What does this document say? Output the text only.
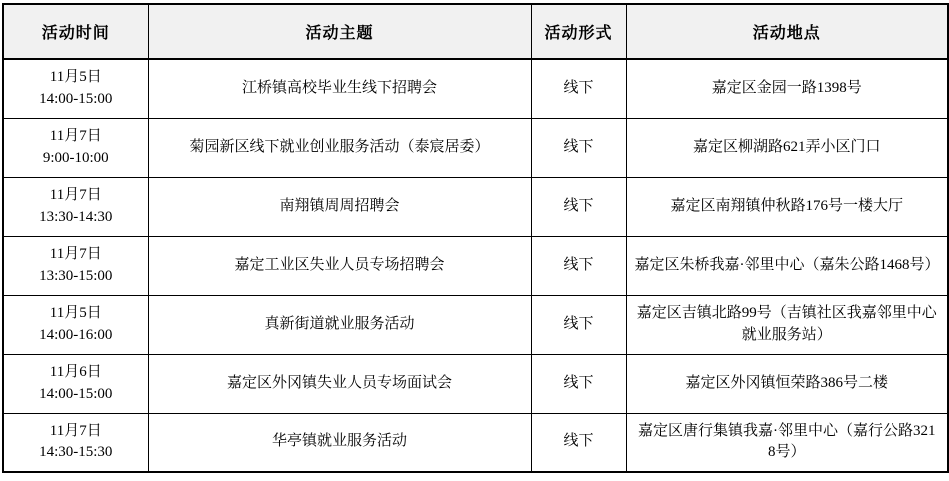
活动时间	活动主题	活动形式	活动地点

11月5日
14:00-15:00	江桥镇高校毕业生线下招聘会	线下	嘉定区金园一路1398号

11月7日
9:00-10:00	菊园新区线下就业创业服务活动（泰宸居委）	线下	嘉定区柳湖路621弄小区门口

11月7日
13:30-14:30	南翔镇周周招聘会	线下	嘉定区南翔镇仲秋路176号一楼大厅

11月7日
13:30-15:00	嘉定工业区失业人员专场招聘会	线下	嘉定区朱桥我嘉·邻里中心（嘉朱公路1468号）

11月5日
14:00-16:00	真新街道就业服务活动	线下	嘉定区吉镇北路99号（吉镇社区我嘉邻里中心就业服务站）

11月6日
14:00-15:00	嘉定区外冈镇失业人员专场面试会	线下	嘉定区外冈镇恒荣路386号二楼

11月7日
14:30-15:30	华亭镇就业服务活动	线下	嘉定区唐行集镇我嘉·邻里中心（嘉行公路3218号）
